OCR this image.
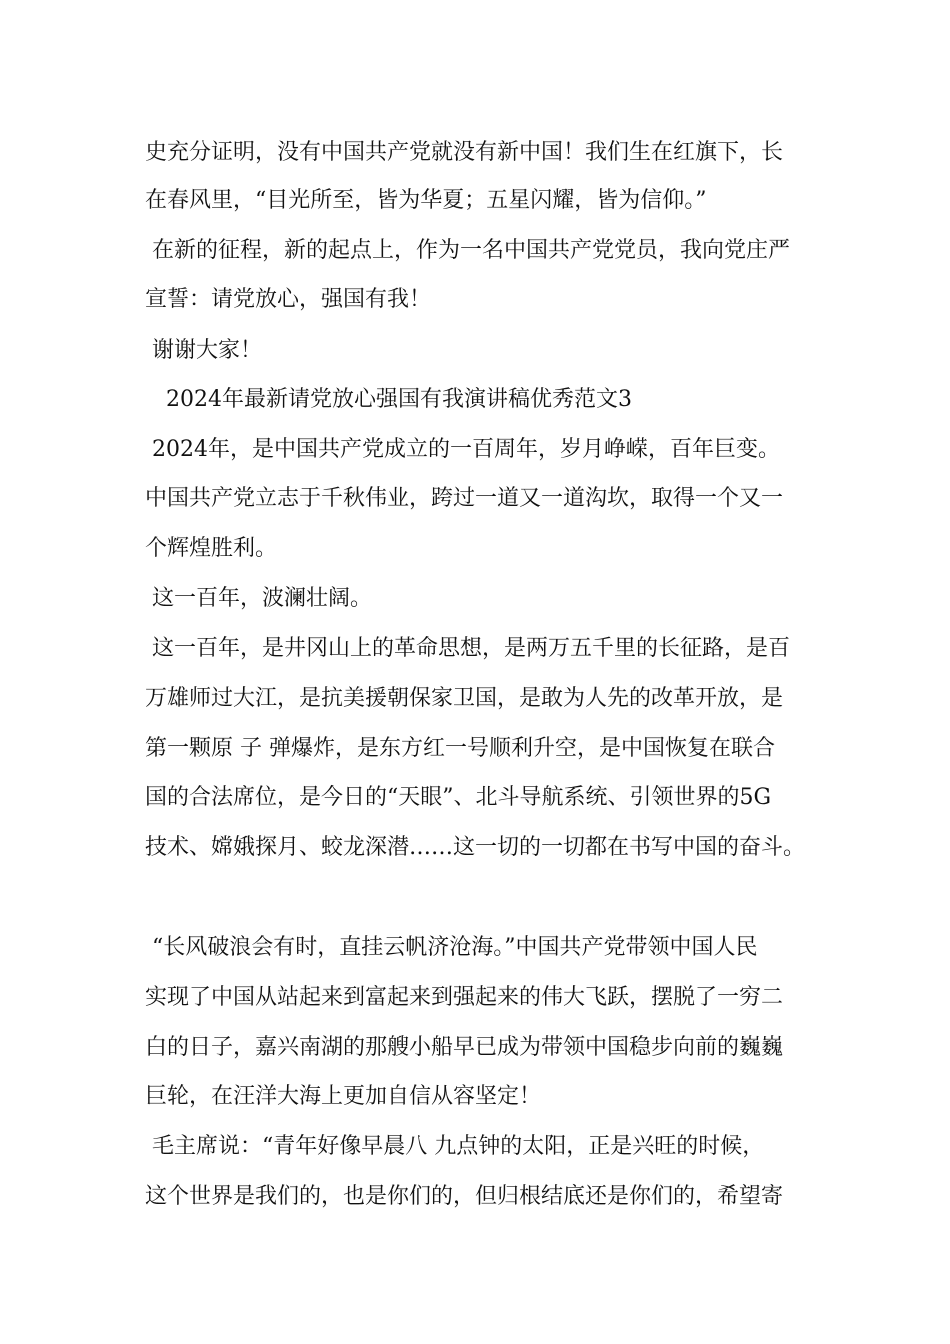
史充分证明，没有中国共产党就没有新中国！我们生在红旗下，长
在春风里，“目光所至，皆为华夏；五星闪耀，皆为信仰。”
在新的征程，新的起点上，作为一名中国共产党党员，我向党庄严
宣誓：请党放心，强国有我！
谢谢大家！
2024年最新请党放心强国有我演讲稿优秀范文3
2024年，是中国共产党成立的一百周年，岁月峥嵘，百年巨变。
中国共产党立志于千秋伟业，跨过一道又一道沟坎，取得一个又一
个辉煌胜利。
这一百年，波澜壮阔。
这一百年，是井冈山上的革命思想，是两万五千里的长征路，是百
万雄师过大江，是抗美援朝保家卫国，是敢为人先的改革开放，是
第一颗原 子 弹爆炸，是东方红一号顺利升空，是中国恢复在联合
国的合法席位，是今日的“天眼”、北斗导航系统、引领世界的5G
技术、嫦娥探月、蛟龙深潜……这一切的一切都在书写中国的奋斗。
“长风破浪会有时，直挂云帆济沧海。”中国共产党带领中国人民
实现了中国从站起来到富起来到强起来的伟大飞跃，摆脱了一穷二
白的日子，嘉兴南湖的那艘小船早已成为带领中国稳步向前的巍巍
巨轮，在汪洋大海上更加自信从容坚定！
毛主席说：“青年好像早晨八 九点钟的太阳，正是兴旺的时候，
这个世界是我们的，也是你们的，但归根结底还是你们的，希望寄
